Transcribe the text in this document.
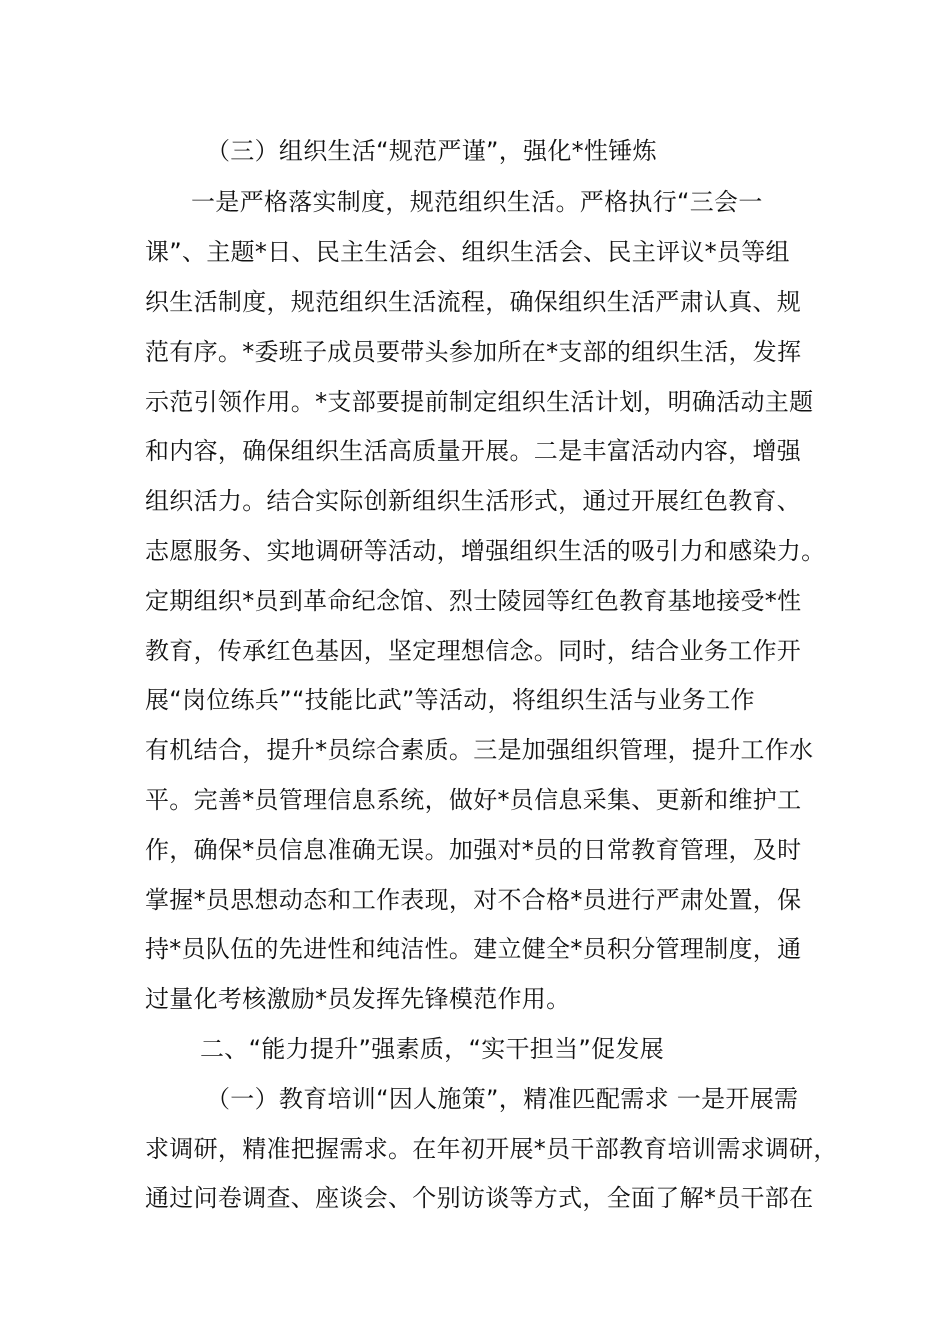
（三）组织生活“规范严谨”，强化*性锤炼
一是严格落实制度，规范组织生活。严格执行“三会一
课”、主题*日、民主生活会、组织生活会、民主评议*员等组
织生活制度，规范组织生活流程，确保组织生活严肃认真、规
范有序。*委班子成员要带头参加所在*支部的组织生活，发挥
示范引领作用。*支部要提前制定组织生活计划，明确活动主题
和内容，确保组织生活高质量开展。二是丰富活动内容，增强
组织活力。结合实际创新组织生活形式，通过开展红色教育、
志愿服务、实地调研等活动，增强组织生活的吸引力和感染力。
定期组织*员到革命纪念馆、烈士陵园等红色教育基地接受*性
教育，传承红色基因，坚定理想信念。同时，结合业务工作开
展“岗位练兵”“技能比武”等活动，将组织生活与业务工作
有机结合，提升*员综合素质。三是加强组织管理，提升工作水
平。完善*员管理信息系统，做好*员信息采集、更新和维护工
作，确保*员信息准确无误。加强对*员的日常教育管理，及时
掌握*员思想动态和工作表现，对不合格*员进行严肃处置，保
持*员队伍的先进性和纯洁性。建立健全*员积分管理制度，通
过量化考核激励*员发挥先锋模范作用。
二、“能力提升”强素质，“实干担当”促发展
（一）教育培训“因人施策”，精准匹配需求 一是开展需
求调研，精准把握需求。在年初开展*员干部教育培训需求调研，
通过问卷调查、座谈会、个别访谈等方式，全面了解*员干部在
